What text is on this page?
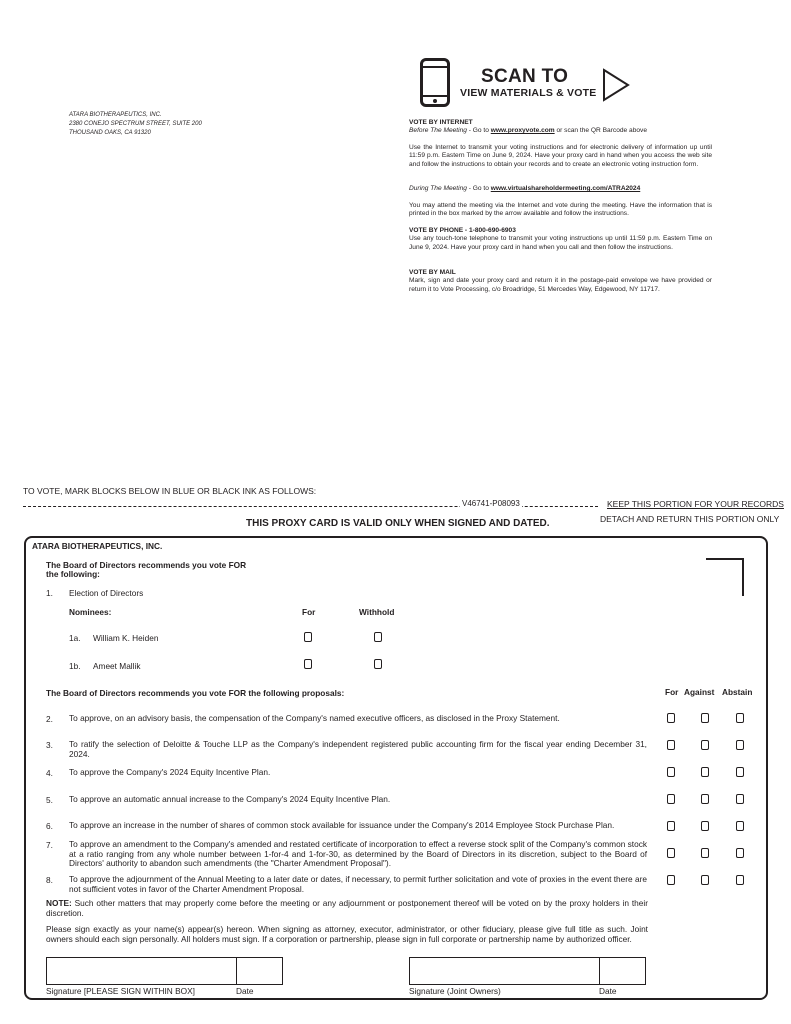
ATARA BIOTHERAPEUTICS, INC.
2380 CONEJO SPECTRUM STREET, SUITE 200
THOUSAND OAKS, CA 91320
SCAN TO
VIEW MATERIALS & VOTE
VOTE BY INTERNET
Before The Meeting - Go to www.proxyvote.com or scan the QR Barcode above
Use the Internet to transmit your voting instructions and for electronic delivery of information up until 11:59 p.m. Eastern Time on June 9, 2024. Have your proxy card in hand when you access the web site and follow the instructions to obtain your records and to create an electronic voting instruction form.
During The Meeting - Go to www.virtualshareholdermeeting.com/ATRA2024
You may attend the meeting via the Internet and vote during the meeting. Have the information that is printed in the box marked by the arrow available and follow the instructions.
VOTE BY PHONE - 1-800-690-6903
Use any touch-tone telephone to transmit your voting instructions up until 11:59 p.m. Eastern Time on June 9, 2024. Have your proxy card in hand when you call and then follow the instructions.
VOTE BY MAIL
Mark, sign and date your proxy card and return it in the postage-paid envelope we have provided or return it to Vote Processing, c/o Broadridge, 51 Mercedes Way, Edgewood, NY 11717.
TO VOTE, MARK BLOCKS BELOW IN BLUE OR BLACK INK AS FOLLOWS:
V46741-P08093	KEEP THIS PORTION FOR YOUR RECORDS
DETACH AND RETURN THIS PORTION ONLY
THIS PROXY CARD IS VALID ONLY WHEN SIGNED AND DATED.
ATARA BIOTHERAPEUTICS, INC.
The Board of Directors recommends you vote FOR
the following:
1. Election of Directors
Nominees:	For	Withhold
1a. William K. Heiden
1b. Ameet Mallik
The Board of Directors recommends you vote FOR the following proposals:	For Against Abstain
2. To approve, on an advisory basis, the compensation of the Company's named executive officers, as disclosed in the Proxy Statement.
3. To ratify the selection of Deloitte & Touche LLP as the Company's independent registered public accounting firm for the fiscal year ending December 31, 2024.
4. To approve the Company's 2024 Equity Incentive Plan.
5. To approve an automatic annual increase to the Company's 2024 Equity Incentive Plan.
6. To approve an increase in the number of shares of common stock available for issuance under the Company's 2014 Employee Stock Purchase Plan.
7. To approve an amendment to the Company's amended and restated certificate of incorporation to effect a reverse stock split of the Company's common stock at a ratio ranging from any whole number between 1-for-4 and 1-for-30, as determined by the Board of Directors in its discretion, subject to the Board of Directors' authority to abandon such amendments (the "Charter Amendment Proposal").
8. To approve the adjournment of the Annual Meeting to a later date or dates, if necessary, to permit further solicitation and vote of proxies in the event there are not sufficient votes in favor of the Charter Amendment Proposal.
NOTE: Such other matters that may properly come before the meeting or any adjournment or postponement thereof will be voted on by the proxy holders in their discretion.
Please sign exactly as your name(s) appear(s) hereon. When signing as attorney, executor, administrator, or other fiduciary, please give full title as such. Joint owners should each sign personally. All holders must sign. If a corporation or partnership, please sign in full corporate or partnership name by authorized officer.
Signature [PLEASE SIGN WITHIN BOX]	Date	Signature (Joint Owners)	Date
